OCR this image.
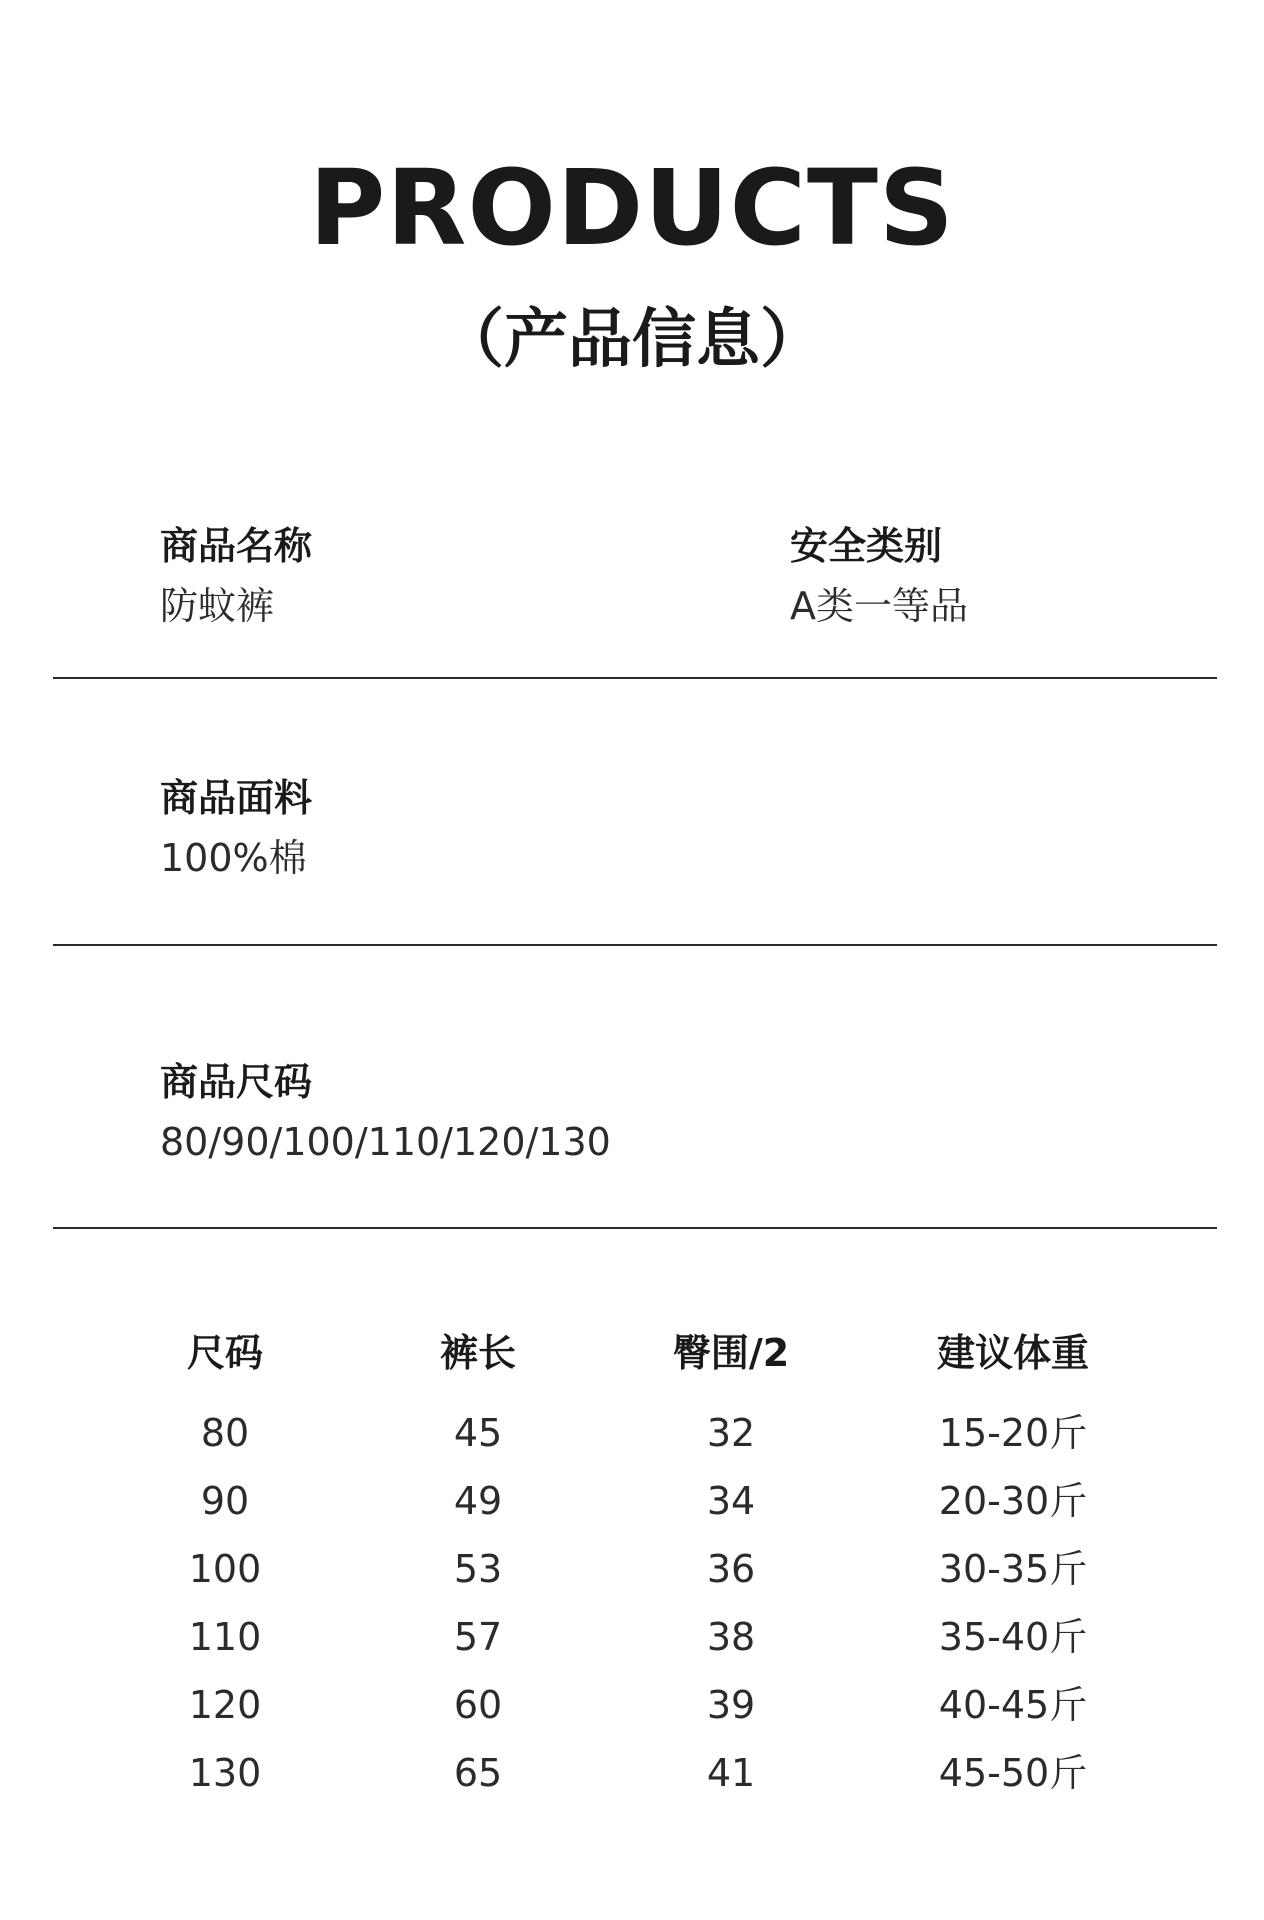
PRODUCTS
（产品信息）
商品名称
防蚊裤
安全类别
A类一等品
商品面料
100%棉
商品尺码
80/90/100/110/120/130
尺码	裤长	臀围/2	建议体重
80	45	32	15-20斤
90	49	34	20-30斤
100	53	36	30-35斤
110	57	38	35-40斤
120	60	39	40-45斤
130	65	41	45-50斤
